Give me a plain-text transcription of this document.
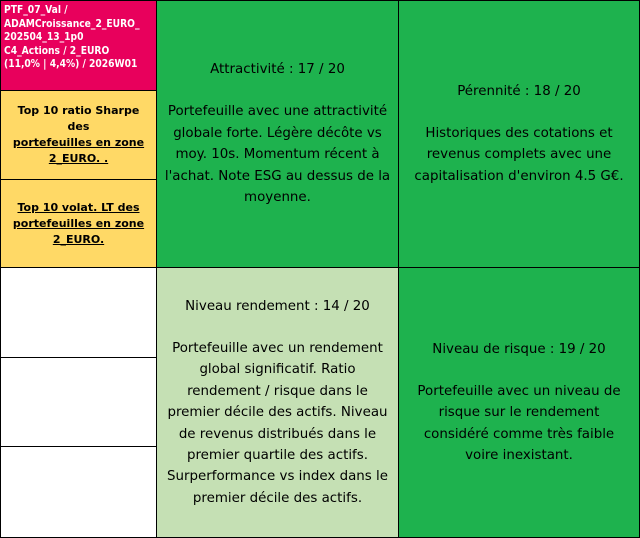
PTF_07_Val /
ADAMCroissance_2_EURO_
202504_13_1p0
C4_Actions / 2_EURO
(11,0% | 4,4%) / 2026W01
Top 10 ratio Sharpe des
portefeuilles en zone
2_EURO. .
Top 10 volat. LT des
portefeuilles en zone
2_EURO.
Attractivité : 17 / 20
Portefeuille avec une attractivité
globale forte. Légère décôte vs
moy. 10s. Momentum récent à
l'achat. Note ESG au dessus de la
moyenne.
Pérennité : 18 / 20
Historiques des cotations et
revenus complets avec une
capitalisation d'environ 4.5 G€.
Niveau rendement : 14 / 20
Portefeuille avec un rendement
global significatif. Ratio
rendement / risque dans le
premier décile des actifs. Niveau
de revenus distribués dans le
premier quartile des actifs.
Surperformance vs index dans le
premier décile des actifs.
Niveau de risque : 19 / 20
Portefeuille avec un niveau de
risque sur le rendement
considéré comme très faible
voire inexistant.
